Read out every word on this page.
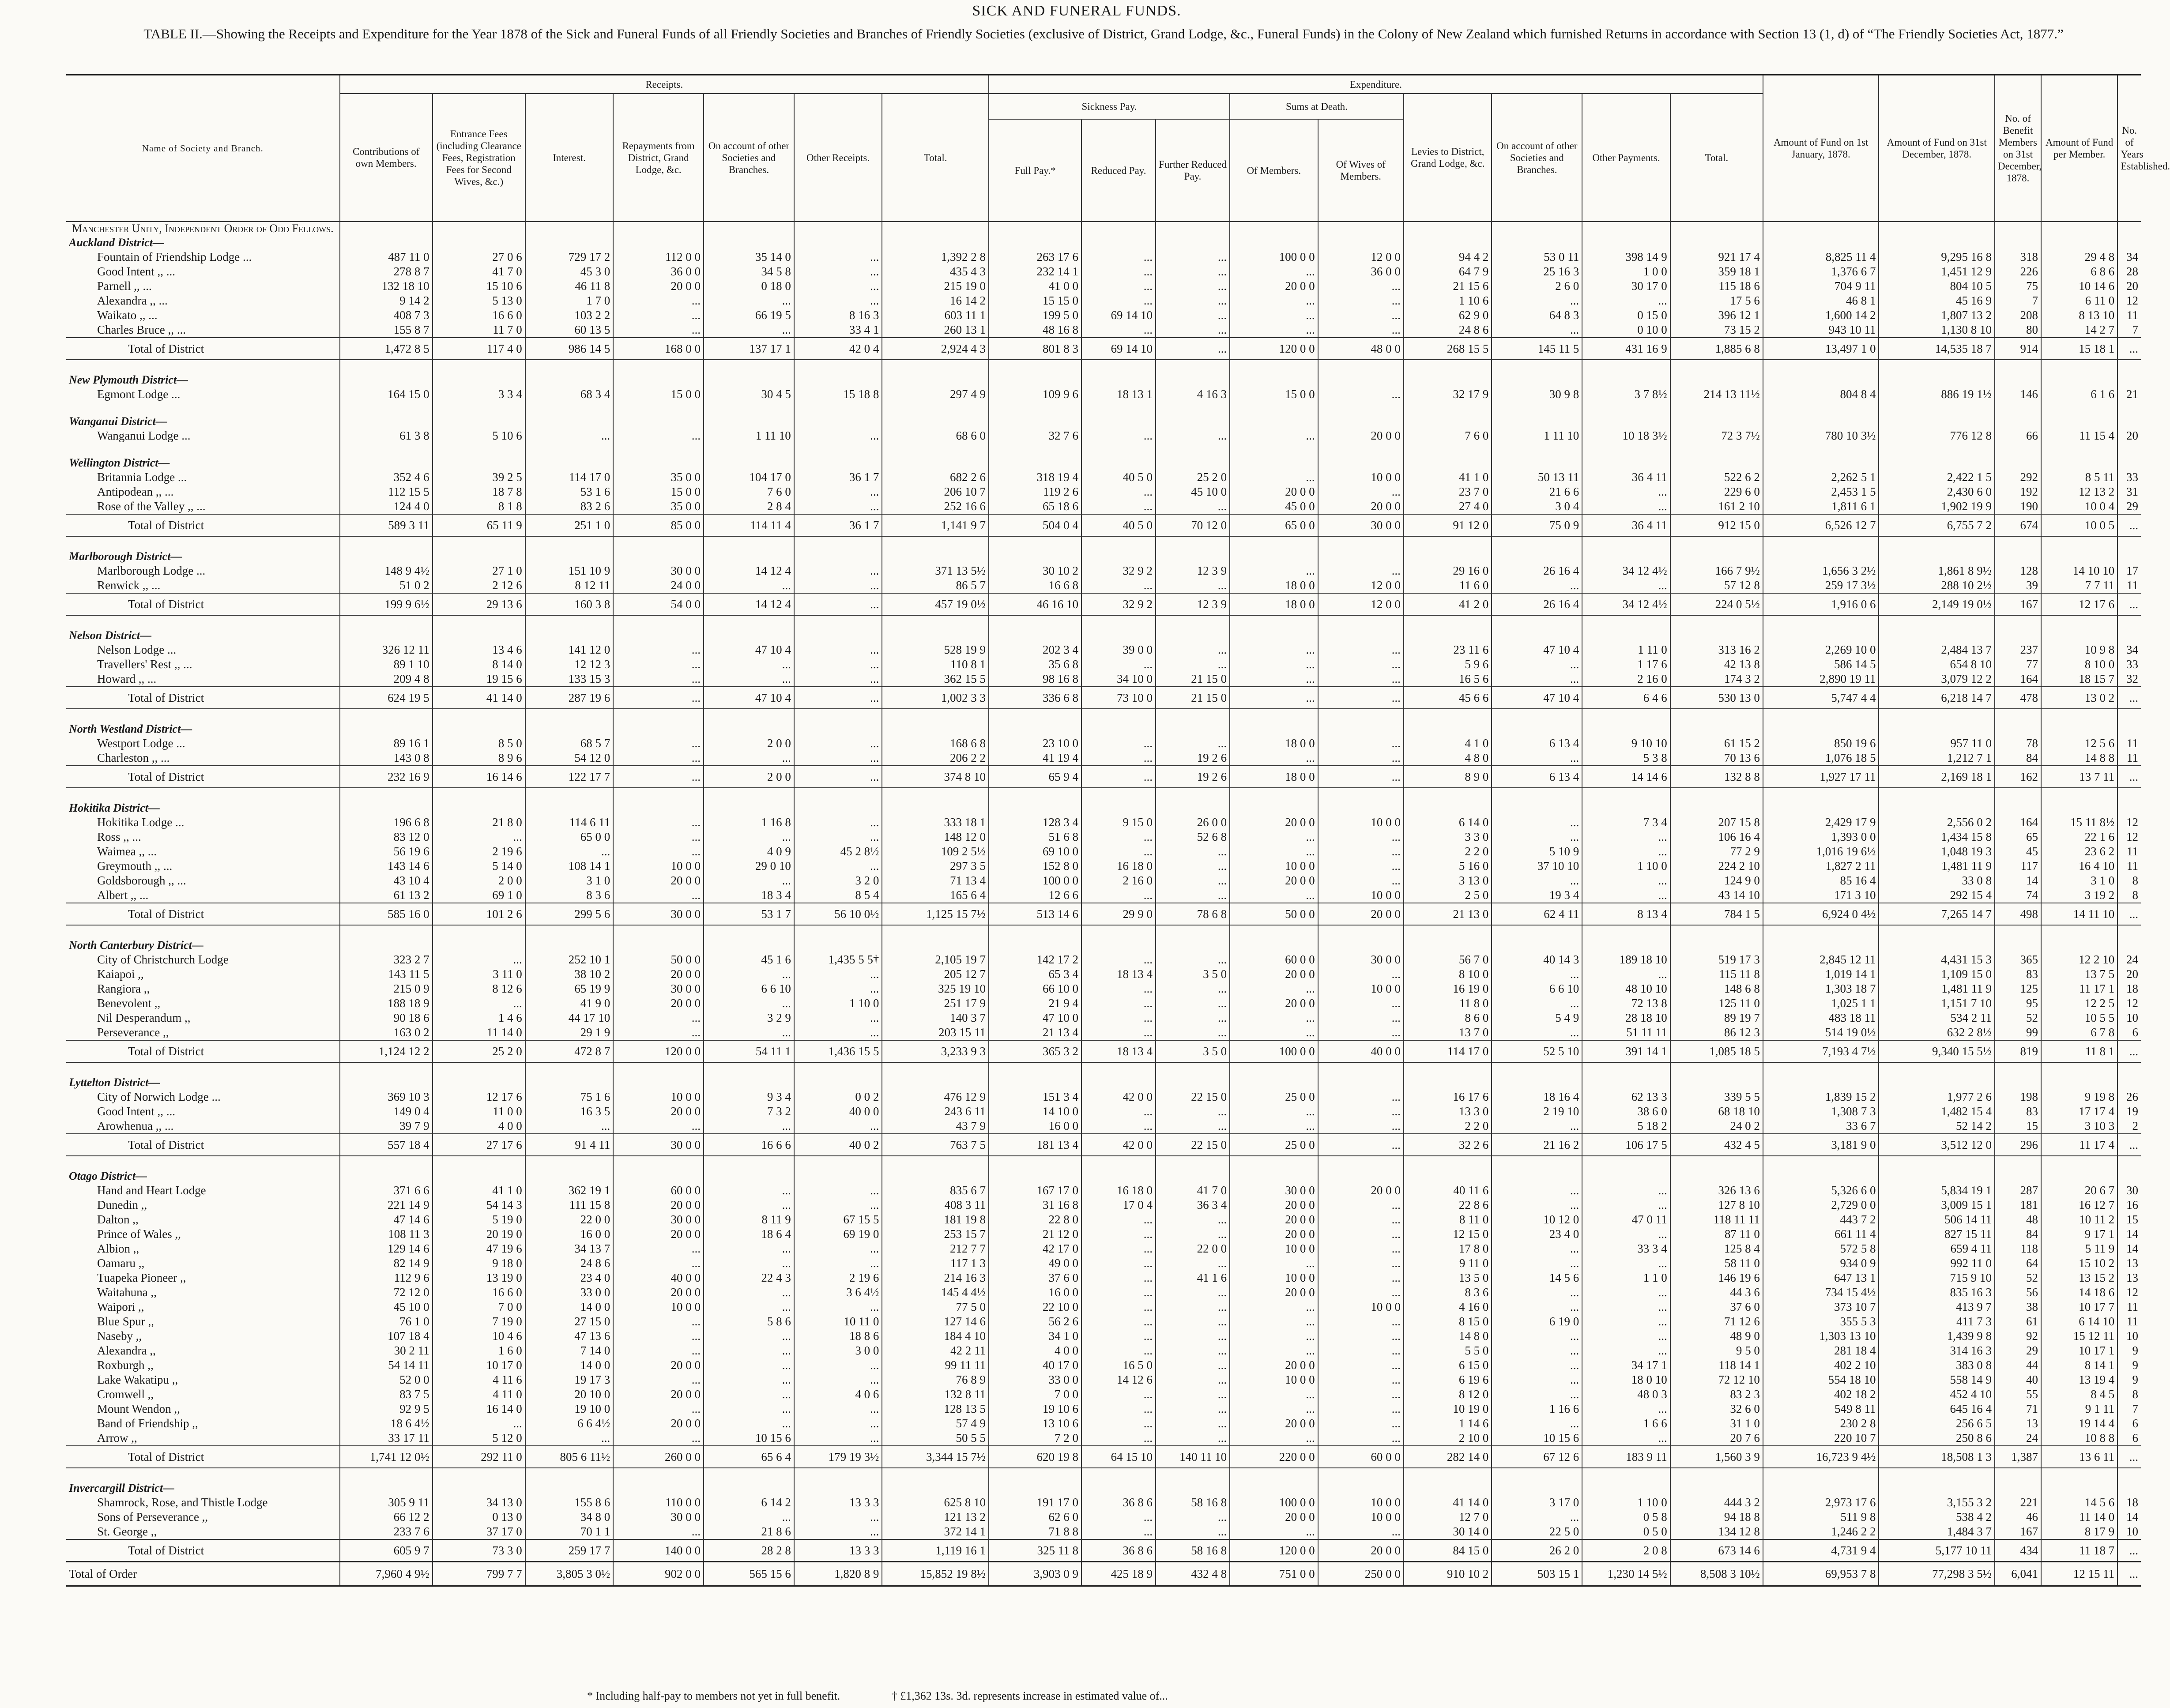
SICK AND FUNERAL FUNDS.
TABLE II.—Showing the Receipts and Expenditure for the Year 1878 of the Sick and Funeral Funds of all Friendly Societies and Branches of Friendly Societies (exclusive of District, Grand Lodge, &c., Funeral Funds) in the Colony of New Zealand which furnished Returns in accordance with Section 13 (1, d) of “The Friendly Societies Act, 1877.”
Name of Society and Branch.	Receipts.							Expenditure.									Amount of Fund on 1st January, 1878.	Amount of Fund on 31st December, 1878.	No. of Benefit Members on 31st December, 1878.	Amount of Fund per Member.	No. of Years Established.
	Contributions of own Members.	Entrance Fees (including Clearance Fees, Registration Fees for Second Wives, &c.)	Interest.	Repayments from District, Grand Lodge, &c.	On account of other Societies and Branches.	Other Receipts.	Total.	Sickness Pay.			Sums at Death.		Levies to District, Grand Lodge, &c.	On account of other Societies and Branches.	Other Payments.	Total.					
								Full Pay.*	Reduced Pay.	Further Reduced Pay.	Of Members.	Of Wives of Members.									
Manchester Unity, Independent Order of Odd Fellows.																					
Auckland District—																					
Fountain of Friendship Lodge ...	487 11 0	27 0 6	729 17 2	112 0 0	35 14 0	...	1,392 2 8	263 17 6	...	...	100 0 0	12 0 0	94 4 2	53 0 11	398 14 9	921 17 4	8,825 11 4	9,295 16 8	318	29 4 8	34
Good Intent ,, ...	278 8 7	41 7 0	45 3 0	36 0 0	34 5 8	...	435 4 3	232 14 1	...	...	...	36 0 0	64 7 9	25 16 3	1 0 0	359 18 1	1,376 6 7	1,451 12 9	226	6 8 6	28
Parnell ,, ...	132 18 10	15 10 6	46 11 8	20 0 0	0 18 0	...	215 19 0	41 0 0	...	...	20 0 0	...	21 15 6	2 6 0	30 17 0	115 18 6	704 9 11	804 10 5	75	10 14 6	20
Alexandra ,, ...	9 14 2	5 13 0	1 7 0	...	...	...	16 14 2	15 15 0	...	...	...	...	1 10 6	...	...	17 5 6	46 8 1	45 16 9	7	6 11 0	12
Waikato ,, ...	408 7 3	16 6 0	103 2 2	...	66 19 5	8 16 3	603 11 1	199 5 0	69 14 10	...	...	...	62 9 0	64 8 3	0 15 0	396 12 1	1,600 14 2	1,807 13 2	208	8 13 10	11
Charles Bruce ,, ...	155 8 7	11 7 0	60 13 5	...	...	33 4 1	260 13 1	48 16 8	...	...	...	...	24 8 6	...	0 10 0	73 15 2	943 10 11	1,130 8 10	80	14 2 7	7
Total of District	1,472 8 5	117 4 0	986 14 5	168 0 0	137 17 1	42 0 4	2,924 4 3	801 8 3	69 14 10	...	120 0 0	48 0 0	268 15 5	145 11 5	431 16 9	1,885 6 8	13,497 1 0	14,535 18 7	914	15 18 1	...

New Plymouth District—																					
Egmont Lodge ...	164 15 0	3 3 4	68 3 4	15 0 0	30 4 5	15 18 8	297 4 9	109 9 6	18 13 1	4 16 3	15 0 0	...	32 17 9	30 9 8	3 7 8½	214 13 11½	804 8 4	886 19 1½	146	6 1 6	21

Wanganui District—																					
Wanganui Lodge ...	61 3 8	5 10 6	...	...	1 11 10	...	68 6 0	32 7 6	...	...	...	20 0 0	7 6 0	1 11 10	10 18 3½	72 3 7½	780 10 3½	776 12 8	66	11 15 4	20

Wellington District—																					
Britannia Lodge ...	352 4 6	39 2 5	114 17 0	35 0 0	104 17 0	36 1 7	682 2 6	318 19 4	40 5 0	25 2 0	...	10 0 0	41 1 0	50 13 11	36 4 11	522 6 2	2,262 5 1	2,422 1 5	292	8 5 11	33
Antipodean ,, ...	112 15 5	18 7 8	53 1 6	15 0 0	7 6 0	...	206 10 7	119 2 6	...	45 10 0	20 0 0	...	23 7 0	21 6 6	...	229 6 0	2,453 1 5	2,430 6 0	192	12 13 2	31
Rose of the Valley ,, ...	124 4 0	8 1 8	83 2 6	35 0 0	2 8 4	...	252 16 6	65 18 6	...	...	45 0 0	20 0 0	27 4 0	3 0 4	...	161 2 10	1,811 6 1	1,902 19 9	190	10 0 4	29
Total of District	589 3 11	65 11 9	251 1 0	85 0 0	114 11 4	36 1 7	1,141 9 7	504 0 4	40 5 0	70 12 0	65 0 0	30 0 0	91 12 0	75 0 9	36 4 11	912 15 0	6,526 12 7	6,755 7 2	674	10 0 5	...

Marlborough District—																					
Marlborough Lodge ...	148 9 4½	27 1 0	151 10 9	30 0 0	14 12 4	...	371 13 5½	30 10 2	32 9 2	12 3 9	...	...	29 16 0	26 16 4	34 12 4½	166 7 9½	1,656 3 2½	1,861 8 9½	128	14 10 10	17
Renwick ,, ...	51 0 2	2 12 6	8 12 11	24 0 0	...	...	86 5 7	16 6 8	...	...	18 0 0	12 0 0	11 6 0	...	...	57 12 8	259 17 3½	288 10 2½	39	7 7 11	11
Total of District	199 9 6½	29 13 6	160 3 8	54 0 0	14 12 4	...	457 19 0½	46 16 10	32 9 2	12 3 9	18 0 0	12 0 0	41 2 0	26 16 4	34 12 4½	224 0 5½	1,916 0 6	2,149 19 0½	167	12 17 6	...

Nelson District—																					
Nelson Lodge ...	326 12 11	13 4 6	141 12 0	...	47 10 4	...	528 19 9	202 3 4	39 0 0	...	...	...	23 11 6	47 10 4	1 11 0	313 16 2	2,269 10 0	2,484 13 7	237	10 9 8	34
Travellers' Rest ,, ...	89 1 10	8 14 0	12 12 3	...	...	...	110 8 1	35 6 8	...	...	...	...	5 9 6	...	1 17 6	42 13 8	586 14 5	654 8 10	77	8 10 0	33
Howard ,, ...	209 4 8	19 15 6	133 15 3	...	...	...	362 15 5	98 16 8	34 10 0	21 15 0	...	...	16 5 6	...	2 16 0	174 3 2	2,890 19 11	3,079 12 2	164	18 15 7	32
Total of District	624 19 5	41 14 0	287 19 6	...	47 10 4	...	1,002 3 3	336 6 8	73 10 0	21 15 0	...	...	45 6 6	47 10 4	6 4 6	530 13 0	5,747 4 4	6,218 14 7	478	13 0 2	...

North Westland District—																					
Westport Lodge ...	89 16 1	8 5 0	68 5 7	...	2 0 0	...	168 6 8	23 10 0	...	...	18 0 0	...	4 1 0	6 13 4	9 10 10	61 15 2	850 19 6	957 11 0	78	12 5 6	11
Charleston ,, ...	143 0 8	8 9 6	54 12 0	...	...	...	206 2 2	41 19 4	...	19 2 6	...	...	4 8 0	...	5 3 8	70 13 6	1,076 18 5	1,212 7 1	84	14 8 8	11
Total of District	232 16 9	16 14 6	122 17 7	...	2 0 0	...	374 8 10	65 9 4	...	19 2 6	18 0 0	...	8 9 0	6 13 4	14 14 6	132 8 8	1,927 17 11	2,169 18 1	162	13 7 11	...

Hokitika District—																					
Hokitika Lodge ...	196 6 8	21 8 0	114 6 11	...	1 16 8	...	333 18 1	128 3 4	9 15 0	26 0 0	20 0 0	10 0 0	6 14 0	...	7 3 4	207 15 8	2,429 17 9	2,556 0 2	164	15 11 8½	12
Ross ,, ...	83 12 0	...	65 0 0	...	...	...	148 12 0	51 6 8	...	52 6 8	...	...	3 3 0	...	...	106 16 4	1,393 0 0	1,434 15 8	65	22 1 6	12
Waimea ,, ...	56 19 6	2 19 6	...	...	4 0 9	45 2 8½	109 2 5½	69 10 0	...	...	...	...	2 2 0	5 10 9	...	77 2 9	1,016 19 6½	1,048 19 3	45	23 6 2	11
Greymouth ,, ...	143 14 6	5 14 0	108 14 1	10 0 0	29 0 10	...	297 3 5	152 8 0	16 18 0	...	10 0 0	...	5 16 0	37 10 10	1 10 0	224 2 10	1,827 2 11	1,481 11 9	117	16 4 10	11
Goldsborough ,, ...	43 10 4	2 0 0	3 1 0	20 0 0	...	3 2 0	71 13 4	100 0 0	2 16 0	...	20 0 0	...	3 13 0	...	...	124 9 0	85 16 4	33 0 8	14	3 1 0	8
Albert ,, ...	61 13 2	69 1 0	8 3 6	...	18 3 4	8 5 4	165 6 4	12 6 6	...	...	...	10 0 0	2 5 0	19 3 4	...	43 14 10	171 3 10	292 15 4	74	3 19 2	8
Total of District	585 16 0	101 2 6	299 5 6	30 0 0	53 1 7	56 10 0½	1,125 15 7½	513 14 6	29 9 0	78 6 8	50 0 0	20 0 0	21 13 0	62 4 11	8 13 4	784 1 5	6,924 0 4½	7,265 14 7	498	14 11 10	...

North Canterbury District—																					
City of Christchurch Lodge	323 2 7	...	252 10 1	50 0 0	45 1 6	1,435 5 5†	2,105 19 7	142 17 2	...	...	60 0 0	30 0 0	56 7 0	40 14 3	189 18 10	519 17 3	2,845 12 11	4,431 15 3	365	12 2 10	24
Kaiapoi ,,	143 11 5	3 11 0	38 10 2	20 0 0	...	...	205 12 7	65 3 4	18 13 4	3 5 0	20 0 0	...	8 10 0	...	...	115 11 8	1,019 14 1	1,109 15 0	83	13 7 5	20
Rangiora ,,	215 0 9	8 12 6	65 19 9	30 0 0	6 6 10	...	325 19 10	66 10 0	...	...	...	10 0 0	16 19 0	6 6 10	48 10 10	148 6 8	1,303 18 7	1,481 11 9	125	11 17 1	18
Benevolent ,,	188 18 9	...	41 9 0	20 0 0	...	1 10 0	251 17 9	21 9 4	...	...	20 0 0	...	11 8 0	...	72 13 8	125 11 0	1,025 1 1	1,151 7 10	95	12 2 5	12
Nil Desperandum ,,	90 18 6	1 4 6	44 17 10	...	3 2 9	...	140 3 7	47 10 0	...	...	...	...	8 6 0	5 4 9	28 18 10	89 19 7	483 18 11	534 2 11	52	10 5 5	10
Perseverance ,,	163 0 2	11 14 0	29 1 9	...	...	...	203 15 11	21 13 4	...	...	...	...	13 7 0	...	51 11 11	86 12 3	514 19 0½	632 2 8½	99	6 7 8	6
Total of District	1,124 12 2	25 2 0	472 8 7	120 0 0	54 11 1	1,436 15 5	3,233 9 3	365 3 2	18 13 4	3 5 0	100 0 0	40 0 0	114 17 0	52 5 10	391 14 1	1,085 18 5	7,193 4 7½	9,340 15 5½	819	11 8 1	...

Lyttelton District—																					
City of Norwich Lodge ...	369 10 3	12 17 6	75 1 6	10 0 0	9 3 4	0 0 2	476 12 9	151 3 4	42 0 0	22 15 0	25 0 0	...	16 17 6	18 16 4	62 13 3	339 5 5	1,839 15 2	1,977 2 6	198	9 19 8	26
Good Intent ,, ...	149 0 4	11 0 0	16 3 5	20 0 0	7 3 2	40 0 0	243 6 11	14 10 0	...	...	...	...	13 3 0	2 19 10	38 6 0	68 18 10	1,308 7 3	1,482 15 4	83	17 17 4	19
Arowhenua ,, ...	39 7 9	4 0 0	...	...	...	...	43 7 9	16 0 0	...	...	...	...	2 2 0	...	5 18 2	24 0 2	33 6 7	52 14 2	15	3 10 3	2
Total of District	557 18 4	27 17 6	91 4 11	30 0 0	16 6 6	40 0 2	763 7 5	181 13 4	42 0 0	22 15 0	25 0 0	...	32 2 6	21 16 2	106 17 5	432 4 5	3,181 9 0	3,512 12 0	296	11 17 4	...

Otago District—																					
Hand and Heart Lodge	371 6 6	41 1 0	362 19 1	60 0 0	...	...	835 6 7	167 17 0	16 18 0	41 7 0	30 0 0	20 0 0	40 11 6	...	...	326 13 6	5,326 6 0	5,834 19 1	287	20 6 7	30
Dunedin ,,	221 14 9	54 14 3	111 15 8	20 0 0	...	...	408 3 11	31 16 8	17 0 4	36 3 4	20 0 0	...	22 8 6	...	...	127 8 10	2,729 0 0	3,009 15 1	181	16 12 7	16
Dalton ,,	47 14 6	5 19 0	22 0 0	30 0 0	8 11 9	67 15 5	181 19 8	22 8 0	...	...	20 0 0	...	8 11 0	10 12 0	47 0 11	118 11 11	443 7 2	506 14 11	48	10 11 2	15
Prince of Wales ,,	108 11 3	20 19 0	16 0 0	20 0 0	18 6 4	69 19 0	253 15 7	21 12 0	...	...	20 0 0	...	12 15 0	23 4 0	...	87 11 0	661 11 4	827 15 11	84	9 17 1	14
Albion ,,	129 14 6	47 19 6	34 13 7	...	...	...	212 7 7	42 17 0	...	22 0 0	10 0 0	...	17 8 0	...	33 3 4	125 8 4	572 5 8	659 4 11	118	5 11 9	14
Oamaru ,,	82 14 9	9 18 0	24 8 6	...	...	...	117 1 3	49 0 0	...	...	...	...	9 11 0	...	...	58 11 0	934 0 9	992 11 0	64	15 10 2	13
Tuapeka Pioneer ,,	112 9 6	13 19 0	23 4 0	40 0 0	22 4 3	2 19 6	214 16 3	37 6 0	...	41 1 6	10 0 0	...	13 5 0	14 5 6	1 1 0	146 19 6	647 13 1	715 9 10	52	13 15 2	13
Waitahuna ,,	72 12 0	16 6 0	33 0 0	20 0 0	...	3 6 4½	145 4 4½	16 0 0	...	...	20 0 0	...	8 3 6	...	...	44 3 6	734 15 4½	835 16 3	56	14 18 6	12
Waipori ,,	45 10 0	7 0 0	14 0 0	10 0 0	...	...	77 5 0	22 10 0	...	...	...	10 0 0	4 16 0	...	...	37 6 0	373 10 7	413 9 7	38	10 17 7	11
Blue Spur ,,	76 1 0	7 19 0	27 15 0	...	5 8 6	10 11 0	127 14 6	56 2 6	...	...	...	...	8 15 0	6 19 0	...	71 12 6	355 5 3	411 7 3	61	6 14 10	11
Naseby ,,	107 18 4	10 4 6	47 13 6	...	...	18 8 6	184 4 10	34 1 0	...	...	...	...	14 8 0	...	...	48 9 0	1,303 13 10	1,439 9 8	92	15 12 11	10
Alexandra ,,	30 2 11	1 6 0	7 14 0	...	...	3 0 0	42 2 11	4 0 0	...	...	...	...	5 5 0	...	...	9 5 0	281 18 4	314 16 3	29	10 17 1	9
Roxburgh ,,	54 14 11	10 17 0	14 0 0	20 0 0	...	...	99 11 11	40 17 0	16 5 0	...	20 0 0	...	6 15 0	...	34 17 1	118 14 1	402 2 10	383 0 8	44	8 14 1	9
Lake Wakatipu ,,	52 0 0	4 11 6	19 17 3	...	...	...	76 8 9	33 0 0	14 12 6	...	10 0 0	...	6 19 6	...	18 0 10	72 12 10	554 18 10	558 14 9	40	13 19 4	9
Cromwell ,,	83 7 5	4 11 0	20 10 0	20 0 0	...	4 0 6	132 8 11	7 0 0	...	...	...	...	8 12 0	...	48 0 3	83 2 3	402 18 2	452 4 10	55	8 4 5	8
Mount Wendon ,,	92 9 5	16 14 0	19 10 0	...	...	...	128 13 5	19 10 6	...	...	...	...	10 19 0	1 16 6	...	32 6 0	549 8 11	645 16 4	71	9 1 11	7
Band of Friendship ,,	18 6 4½	...	6 6 4½	20 0 0	...	...	57 4 9	13 10 6	...	...	20 0 0	...	1 14 6	...	1 6 6	31 1 0	230 2 8	256 6 5	13	19 14 4	6
Arrow ,,	33 17 11	5 12 0	...	...	10 15 6	...	50 5 5	7 2 0	...	...	...	...	2 10 0	10 15 6	...	20 7 6	220 10 7	250 8 6	24	10 8 8	6
Total of District	1,741 12 0½	292 11 0	805 6 11½	260 0 0	65 6 4	179 19 3½	3,344 15 7½	620 19 8	64 15 10	140 11 10	220 0 0	60 0 0	282 14 0	67 12 6	183 9 11	1,560 3 9	16,723 9 4½	18,508 1 3	1,387	13 6 11	...

Invercargill District—																					
Shamrock, Rose, and Thistle Lodge	305 9 11	34 13 0	155 8 6	110 0 0	6 14 2	13 3 3	625 8 10	191 17 0	36 8 6	58 16 8	100 0 0	10 0 0	41 14 0	3 17 0	1 10 0	444 3 2	2,973 17 6	3,155 3 2	221	14 5 6	18
Sons of Perseverance ,,	66 12 2	0 13 0	34 8 0	30 0 0	...	...	121 13 2	62 6 0	...	...	20 0 0	10 0 0	12 7 0	...	0 5 8	94 18 8	511 9 8	538 4 2	46	11 14 0	14
St. George ,,	233 7 6	37 17 0	70 1 1	...	21 8 6	...	372 14 1	71 8 8	...	...	...	...	30 14 0	22 5 0	0 5 0	134 12 8	1,246 2 2	1,484 3 7	167	8 17 9	10
Total of District	605 9 7	73 3 0	259 17 7	140 0 0	28 2 8	13 3 3	1,119 16 1	325 11 8	36 8 6	58 16 8	120 0 0	20 0 0	84 15 0	26 2 0	2 0 8	673 14 6	4,731 9 4	5,177 10 11	434	11 18 7	...
Total of Order	7,960 4 9½	799 7 7	3,805 3 0½	902 0 0	565 15 6	1,820 8 9	15,852 19 8½	3,903 0 9	425 18 9	432 4 8	751 0 0	250 0 0	910 10 2	503 15 1	1,230 14 5½	8,508 3 10½	69,953 7 8	77,298 3 5½	6,041	12 15 11	...
* Including half-pay to members not yet in full benefit.	† £1,362 13s. 3d. represents increase in estimated value of...
